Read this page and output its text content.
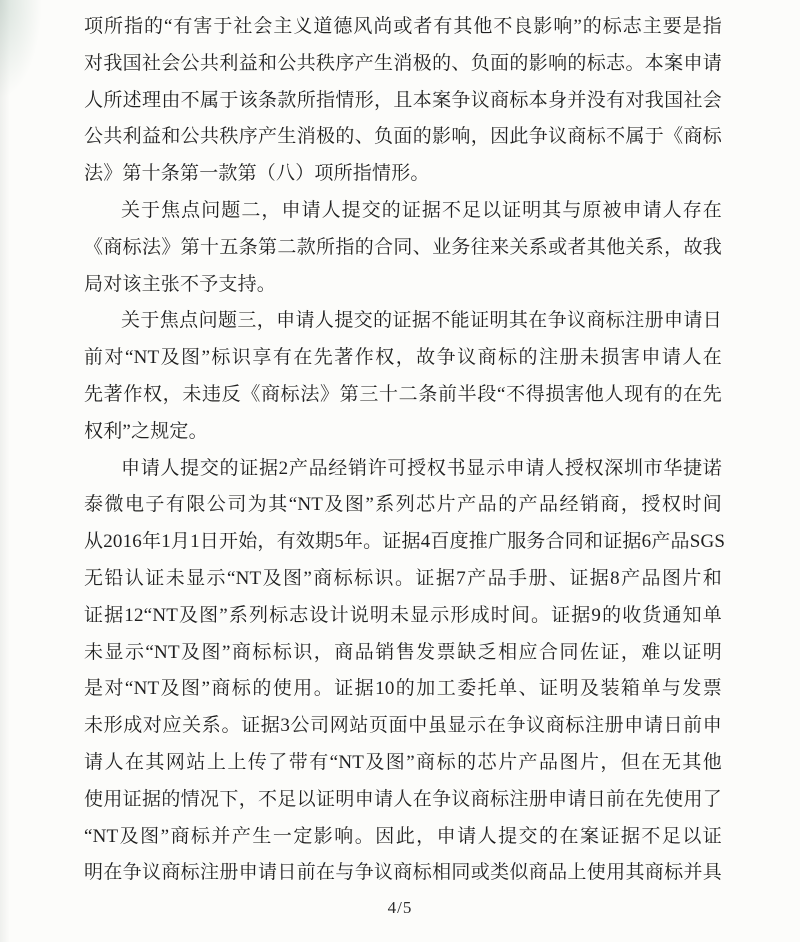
项所指的“有害于社会主义道德风尚或者有其他不良影响”的标志主要是指
对我国社会公共利益和公共秩序产生消极的、负面的影响的标志。本案申请
人所述理由不属于该条款所指情形，且本案争议商标本身并没有对我国社会
公共利益和公共秩序产生消极的、负面的影响，因此争议商标不属于《商标
法》第十条第一款第（八）项所指情形。
关于焦点问题二，申请人提交的证据不足以证明其与原被申请人存在
《商标法》第十五条第二款所指的合同、业务往来关系或者其他关系，故我
局对该主张不予支持。
关于焦点问题三，申请人提交的证据不能证明其在争议商标注册申请日
前对“NT及图”标识享有在先著作权，故争议商标的注册未损害申请人在
先著作权，未违反《商标法》第三十二条前半段“不得损害他人现有的在先
权利”之规定。
申请人提交的证据2产品经销许可授权书显示申请人授权深圳市华捷诺
泰微电子有限公司为其“NT及图”系列芯片产品的产品经销商，授权时间
从2016年1月1日开始，有效期5年。证据4百度推广服务合同和证据6产品SGS
无铅认证未显示“NT及图”商标标识。证据7产品手册、证据8产品图片和
证据12“NT及图”系列标志设计说明未显示形成时间。证据9的收货通知单
未显示“NT及图”商标标识，商品销售发票缺乏相应合同佐证，难以证明
是对“NT及图”商标的使用。证据10的加工委托单、证明及装箱单与发票
未形成对应关系。证据3公司网站页面中虽显示在争议商标注册申请日前申
请人在其网站上上传了带有“NT及图”商标的芯片产品图片，但在无其他
使用证据的情况下，不足以证明申请人在争议商标注册申请日前在先使用了
“NT及图”商标并产生一定影响。因此，申请人提交的在案证据不足以证
明在争议商标注册申请日前在与争议商标相同或类似商品上使用其商标并具
4/5
